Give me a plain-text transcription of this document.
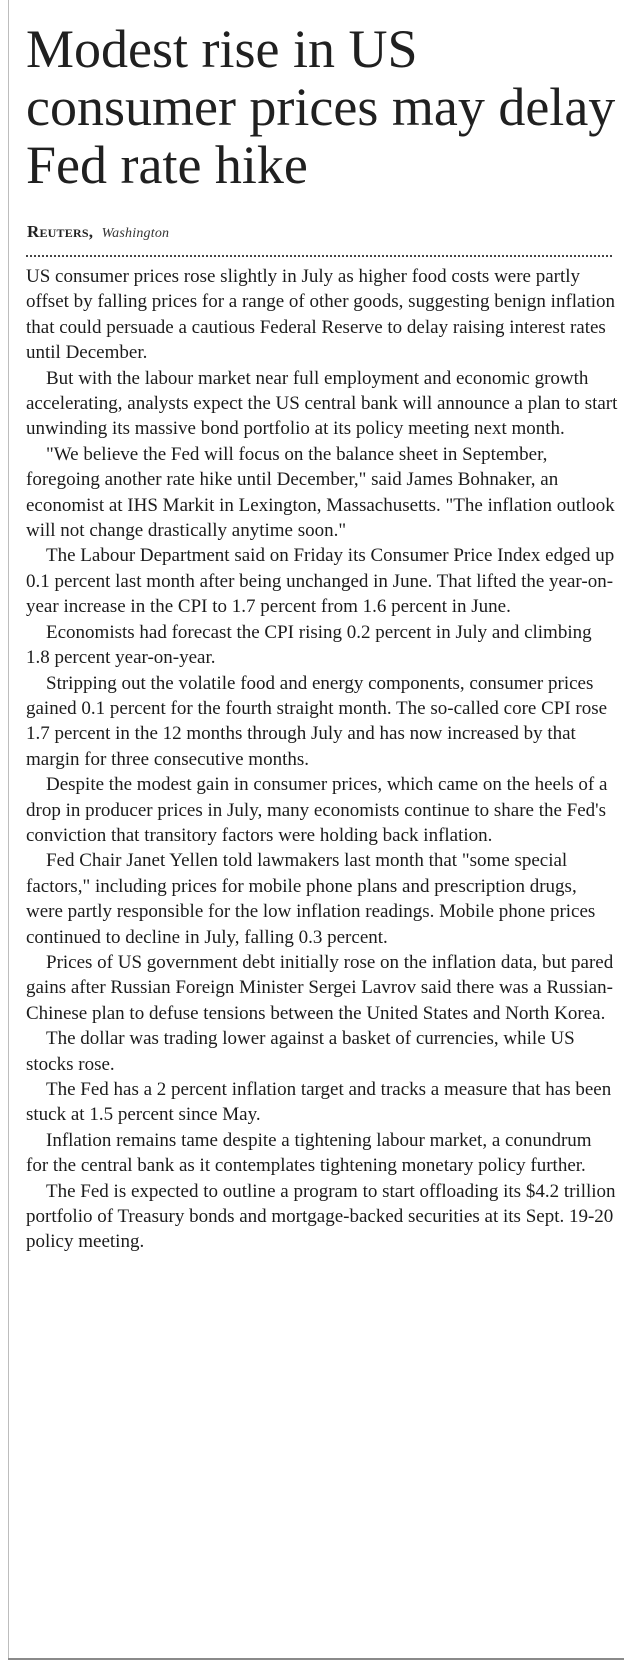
Modest rise in US consumer prices may delay Fed rate hike
Reuters, Washington

US consumer prices rose slightly in July as higher food costs were partly offset by falling prices for a range of other goods, suggesting benign inflation that could persuade a cautious Federal Reserve to delay raising interest rates until December.

But with the labour market near full employment and economic growth accelerating, analysts expect the US central bank will announce a plan to start unwinding its massive bond portfolio at its policy meeting next month.

"We believe the Fed will focus on the balance sheet in September, foregoing another rate hike until December," said James Bohnaker, an economist at IHS Markit in Lexington, Massachusetts. "The inflation outlook will not change drastically anytime soon."

The Labour Department said on Friday its Consumer Price Index edged up 0.1 percent last month after being unchanged in June. That lifted the year-on-year increase in the CPI to 1.7 percent from 1.6 percent in June.

Economists had forecast the CPI rising 0.2 percent in July and climbing 1.8 percent year-on-year.

Stripping out the volatile food and energy components, consumer prices gained 0.1 percent for the fourth straight month. The so-called core CPI rose 1.7 percent in the 12 months through July and has now increased by that margin for three consecutive months.

Despite the modest gain in consumer prices, which came on the heels of a drop in producer prices in July, many economists continue to share the Fed's conviction that transitory factors were holding back inflation.

Fed Chair Janet Yellen told lawmakers last month that "some special factors," including prices for mobile phone plans and prescription drugs, were partly responsible for the low inflation readings. Mobile phone prices continued to decline in July, falling 0.3 percent.

Prices of US government debt initially rose on the inflation data, but pared gains after Russian Foreign Minister Sergei Lavrov said there was a Russian-Chinese plan to defuse tensions between the United States and North Korea.

The dollar was trading lower against a basket of currencies, while US stocks rose.

The Fed has a 2 percent inflation target and tracks a measure that has been stuck at 1.5 percent since May.

Inflation remains tame despite a tightening labour market, a conundrum for the central bank as it contemplates tightening monetary policy further.

The Fed is expected to outline a program to start offloading its $4.2 trillion portfolio of Treasury bonds and mortgage-backed securities at its Sept. 19-20 policy meeting.
